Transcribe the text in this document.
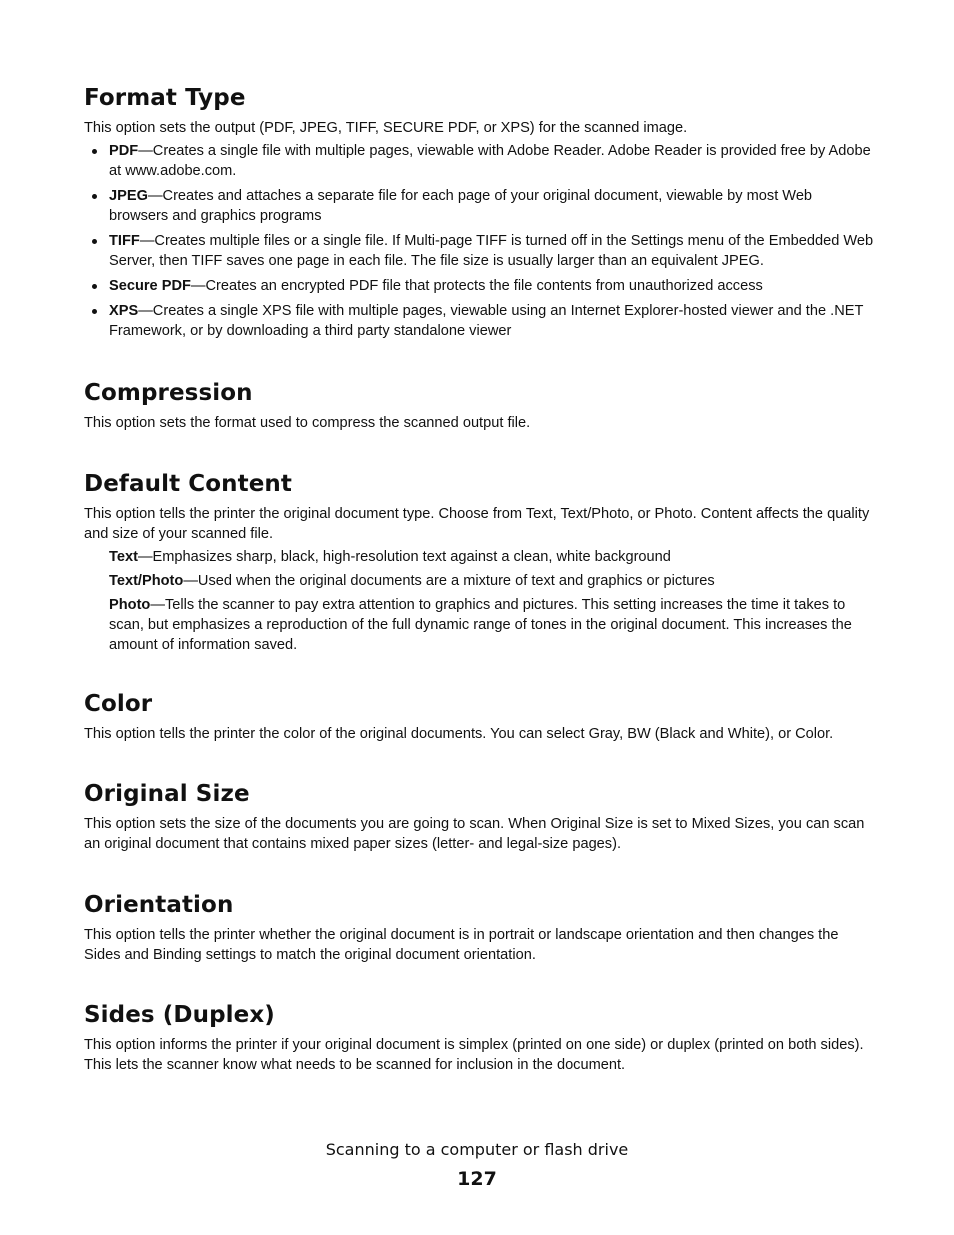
Format Type

This option sets the output (PDF, JPEG, TIFF, SECURE PDF, or XPS) for the scanned image.

PDF—Creates a single file with multiple pages, viewable with Adobe Reader. Adobe Reader is provided free by Adobe at www.adobe.com.
JPEG—Creates and attaches a separate file for each page of your original document, viewable by most Web browsers and graphics programs
TIFF—Creates multiple files or a single file. If Multi-page TIFF is turned off in the Settings menu of the Embedded Web Server, then TIFF saves one page in each file. The file size is usually larger than an equivalent JPEG.
Secure PDF—Creates an encrypted PDF file that protects the file contents from unauthorized access
XPS—Creates a single XPS file with multiple pages, viewable using an Internet Explorer-hosted viewer and the .NET Framework, or by downloading a third party standalone viewer
Compression

This option sets the format used to compress the scanned output file.

Default Content

This option tells the printer the original document type. Choose from Text, Text/Photo, or Photo. Content affects the quality and size of your scanned file.

Text—Emphasizes sharp, black, high-resolution text against a clean, white background
Text/Photo—Used when the original documents are a mixture of text and graphics or pictures
Photo—Tells the scanner to pay extra attention to graphics and pictures. This setting increases the time it takes to scan, but emphasizes a reproduction of the full dynamic range of tones in the original document. This increases the amount of information saved.
Color

This option tells the printer the color of the original documents. You can select Gray, BW (Black and White), or Color.

Original Size

This option sets the size of the documents you are going to scan. When Original Size is set to Mixed Sizes, you can scan an original document that contains mixed paper sizes (letter- and legal-size pages).

Orientation

This option tells the printer whether the original document is in portrait or landscape orientation and then changes the Sides and Binding settings to match the original document orientation.

Sides (Duplex)

This option informs the printer if your original document is simplex (printed on one side) or duplex (printed on both sides). This lets the scanner know what needs to be scanned for inclusion in the document.

Scanning to a computer or flash drive
127
